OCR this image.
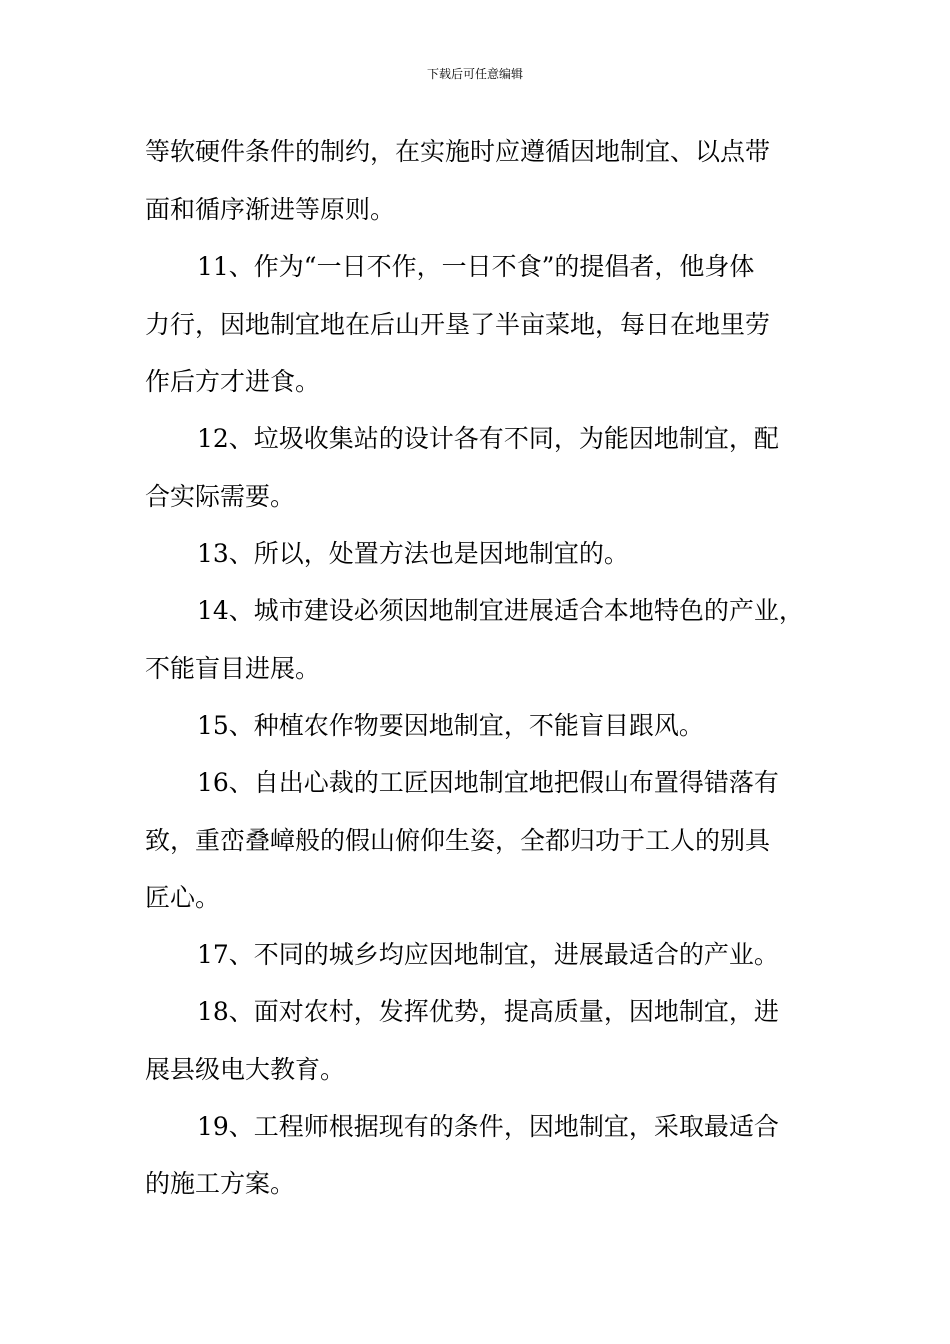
下载后可任意编辑
等软硬件条件的制约，在实施时应遵循因地制宜、以点带
面和循序渐进等原则。
11、作为“一日不作，一日不食”的提倡者，他身体
力行，因地制宜地在后山开垦了半亩菜地，每日在地里劳
作后方才进食。
12、垃圾收集站的设计各有不同，为能因地制宜，配
合实际需要。
13、所以，处置方法也是因地制宜的。
14、城市建设必须因地制宜进展适合本地特色的产业，
不能盲目进展。
15、种植农作物要因地制宜，不能盲目跟风。
16、自出心裁的工匠因地制宜地把假山布置得错落有
致，重峦叠嶂般的假山俯仰生姿，全都归功于工人的别具
匠心。
17、不同的城乡均应因地制宜，进展最适合的产业。
18、面对农村，发挥优势，提高质量，因地制宜，进
展县级电大教育。
19、工程师根据现有的条件，因地制宜，采取最适合
的施工方案。
